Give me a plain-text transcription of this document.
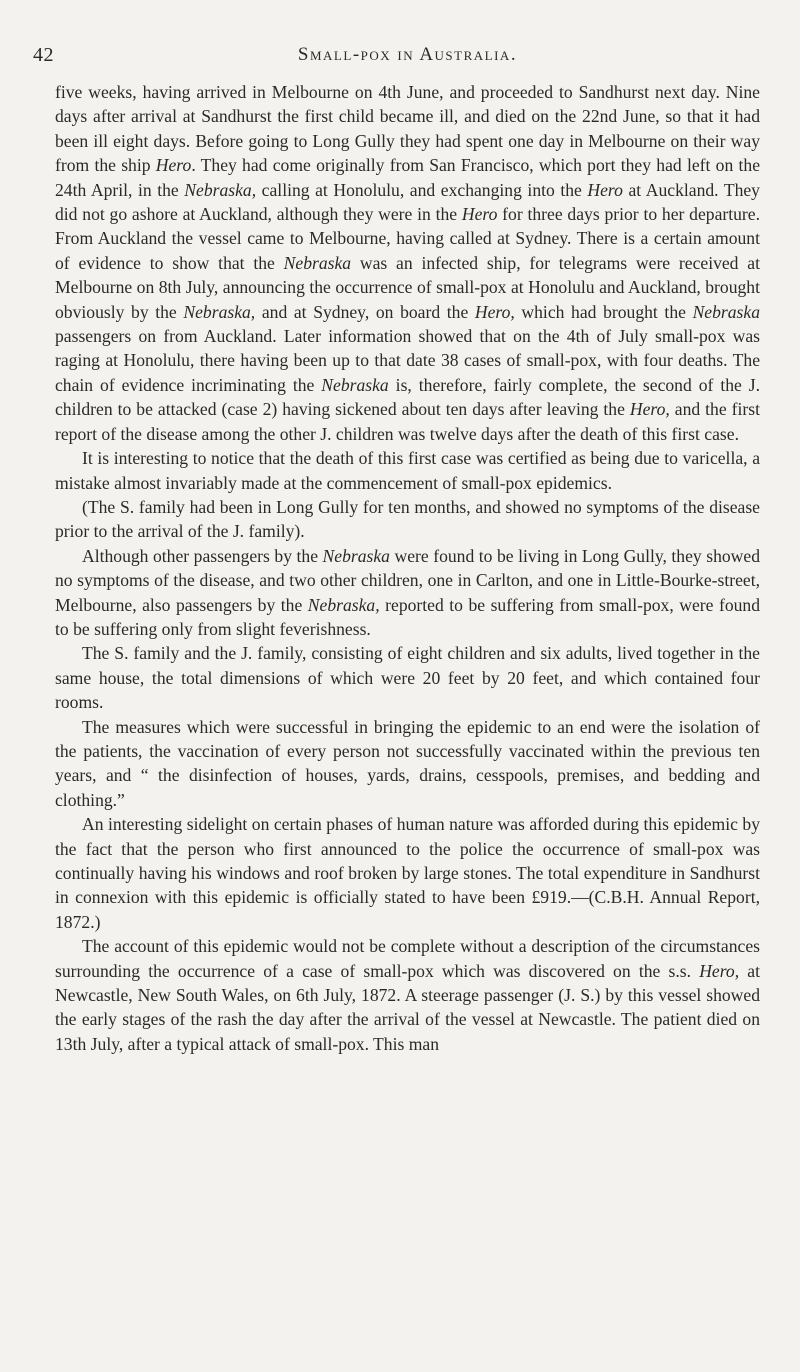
42	Small-pox in Australia.

five weeks, having arrived in Melbourne on 4th June, and proceeded to Sandhurst next day. Nine days after arrival at Sandhurst the first child became ill, and died on the 22nd June, so that it had been ill eight days. Before going to Long Gully they had spent one day in Melbourne on their way from the ship Hero. They had come originally from San Francisco, which port they had left on the 24th April, in the Nebraska, calling at Honolulu, and exchanging into the Hero at Auckland. They did not go ashore at Auckland, although they were in the Hero for three days prior to her departure. From Auckland the vessel came to Melbourne, having called at Sydney. There is a certain amount of evidence to show that the Nebraska was an infected ship, for telegrams were received at Melbourne on 8th July, announcing the occurrence of small-pox at Honolulu and Auckland, brought obviously by the Nebraska, and at Sydney, on board the Hero, which had brought the Nebraska passengers on from Auckland. Later information showed that on the 4th of July small-pox was raging at Honolulu, there having been up to that date 38 cases of small-pox, with four deaths. The chain of evidence incriminating the Nebraska is, therefore, fairly complete, the second of the J. children to be attacked (case 2) having sickened about ten days after leaving the Hero, and the first report of the disease among the other J. children was twelve days after the death of this first case.

It is interesting to notice that the death of this first case was certified as being due to varicella, a mistake almost invariably made at the commencement of small-pox epidemics.

(The S. family had been in Long Gully for ten months, and showed no symptoms of the disease prior to the arrival of the J. family).

Although other passengers by the Nebraska were found to be living in Long Gully, they showed no symptoms of the disease, and two other children, one in Carlton, and one in Little-Bourke-street, Melbourne, also passengers by the Nebraska, reported to be suffering from small-pox, were found to be suffering only from slight feverishness.

The S. family and the J. family, consisting of eight children and six adults, lived together in the same house, the total dimensions of which were 20 feet by 20 feet, and which contained four rooms.

The measures which were successful in bringing the epidemic to an end were the isolation of the patients, the vaccination of every person not successfully vaccinated within the previous ten years, and “ the disinfection of houses, yards, drains, cesspools, premises, and bedding and clothing.”

An interesting sidelight on certain phases of human nature was afforded during this epidemic by the fact that the person who first announced to the police the occurrence of small-pox was continually having his windows and roof broken by large stones. The total expenditure in Sandhurst in connexion with this epidemic is officially stated to have been £919.—(C.B.H. Annual Report, 1872.)

The account of this epidemic would not be complete without a description of the circumstances surrounding the occurrence of a case of small-pox which was discovered on the s.s. Hero, at Newcastle, New South Wales, on 6th July, 1872. A steerage passenger (J. S.) by this vessel showed the early stages of the rash the day after the arrival of the vessel at Newcastle. The patient died on 13th July, after a typical attack of small-pox. This man
